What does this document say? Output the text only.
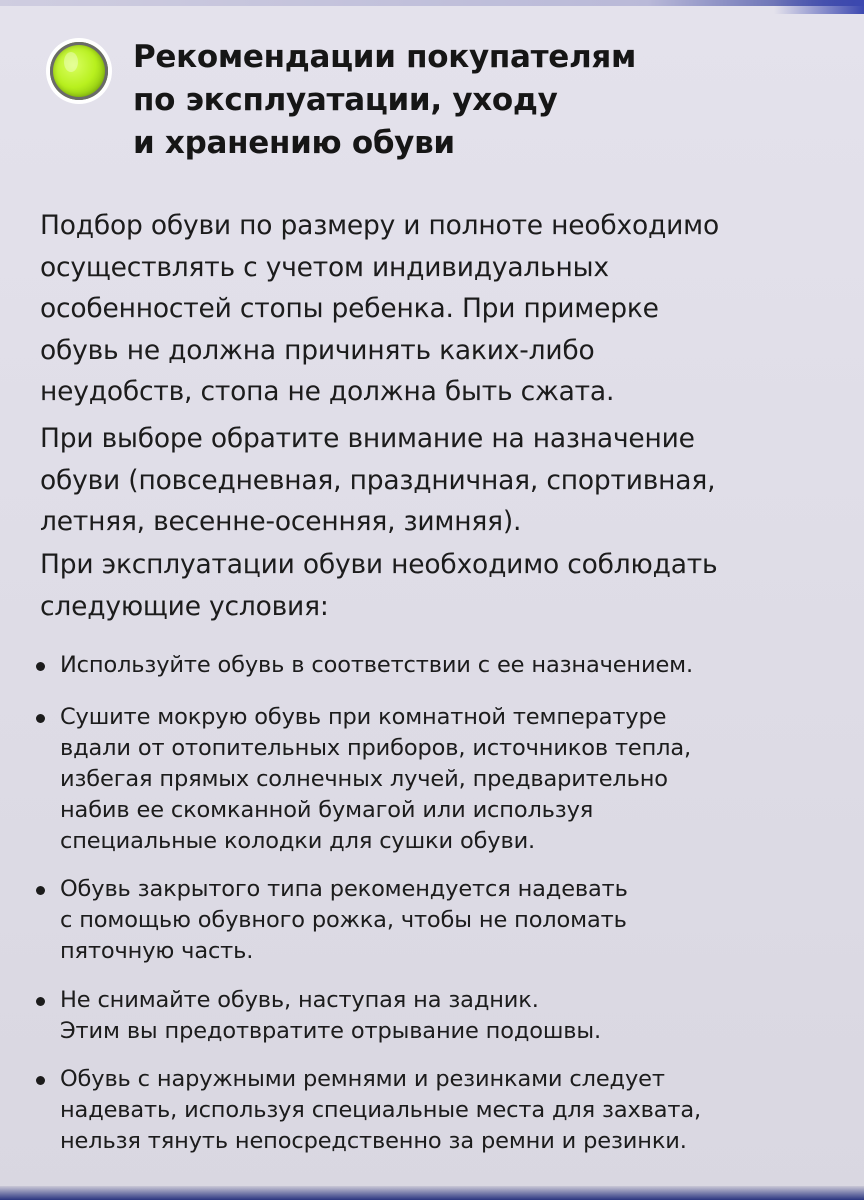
Рекомендации покупателям
по эксплуатации, уходу
и хранению обуви

Подбор обуви по размеру и полноте необходимо
осуществлять с учетом индивидуальных
особенностей стопы ребенка. При примерке
обувь не должна причинять каких-либо
неудобств, стопа не должна быть сжата.

При выборе обратите внимание на назначение
обуви (повседневная, праздничная, спортивная,
летняя, весенне-осенняя, зимняя).

При эксплуатации обуви необходимо соблюдать
следующие условия:

Используйте обувь в соответствии с ее назначением.
Сушите мокрую обувь при комнатной температуре
вдали от отопительных приборов, источников тепла,
избегая прямых солнечных лучей, предварительно
набив ее скомканной бумагой или используя
специальные колодки для сушки обуви.
Обувь закрытого типа рекомендуется надевать
с помощью обувного рожка, чтобы не поломать
пяточную часть.
Не снимайте обувь, наступая на задник.
Этим вы предотвратите отрывание подошвы.
Обувь с наружными ремнями и резинками следует
надевать, используя специальные места для захвата,
нельзя тянуть непосредственно за ремни и резинки.
